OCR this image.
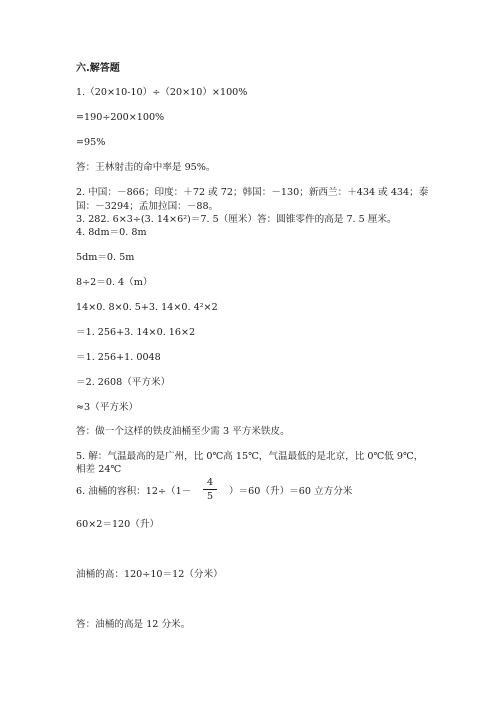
六.解答题
1.（20×10-10）÷（20×10）×100%
=190÷200×100%
=95%
答：王林射击的命中率是 95%。
2. 中国：－866；印度：＋72 或 72；韩国：－130；新西兰：＋434 或 434；泰
国：－3294；孟加拉国：－88。
3. 282. 6×3÷(3. 14×6²)＝7. 5（厘米）答：圆锥零件的高是 7. 5 厘米。
4. 8dm＝0. 8m
5dm＝0. 5m
8÷2＝0. 4（m）
14×0. 8×0. 5+3. 14×0. 4²×2
＝1. 256+3. 14×0. 16×2
＝1. 256+1. 0048
＝2. 2608（平方米）
≈3（平方米）
答：做一个这样的铁皮油桶至少需 3 平方米铁皮。
5. 解：气温最高的是广州，比 0℃高 15℃，气温最低的是北京，比 0℃低 9℃，
相差 24℃
6. 油桶的容积：12÷（1－
4
5	）＝60（升）＝60 立方分米
60×2＝120（升）
油桶的高：120÷10＝12（分米）
答：油桶的高是 12 分米。
